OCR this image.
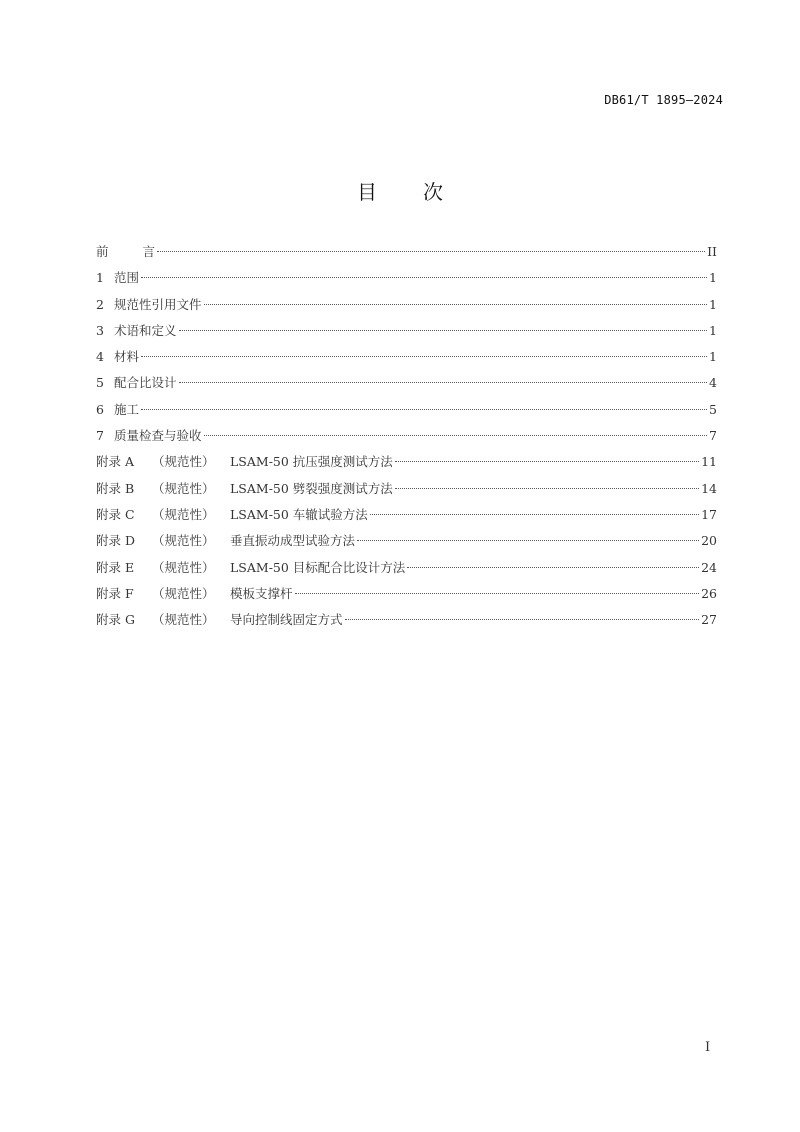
DB61/T 1895—2024
目 次
前	言	II
1 范围	1
2 规范性引用文件	1
3 术语和定义	1
4 材料	1
5 配合比设计	4
6 施工	5
7 质量检查与验收	7
附录 A	（规范性）	LSAM-50 抗压强度测试方法	11
附录 B	（规范性）	LSAM-50 劈裂强度测试方法	14
附录 C	（规范性）	LSAM-50 车辙试验方法	17
附录 D	（规范性）	垂直振动成型试验方法	20
附录 E	（规范性）	LSAM-50 目标配合比设计方法	24
附录 F	（规范性）	模板支撑杆	26
附录 G	（规范性）	导向控制线固定方式	27
I
